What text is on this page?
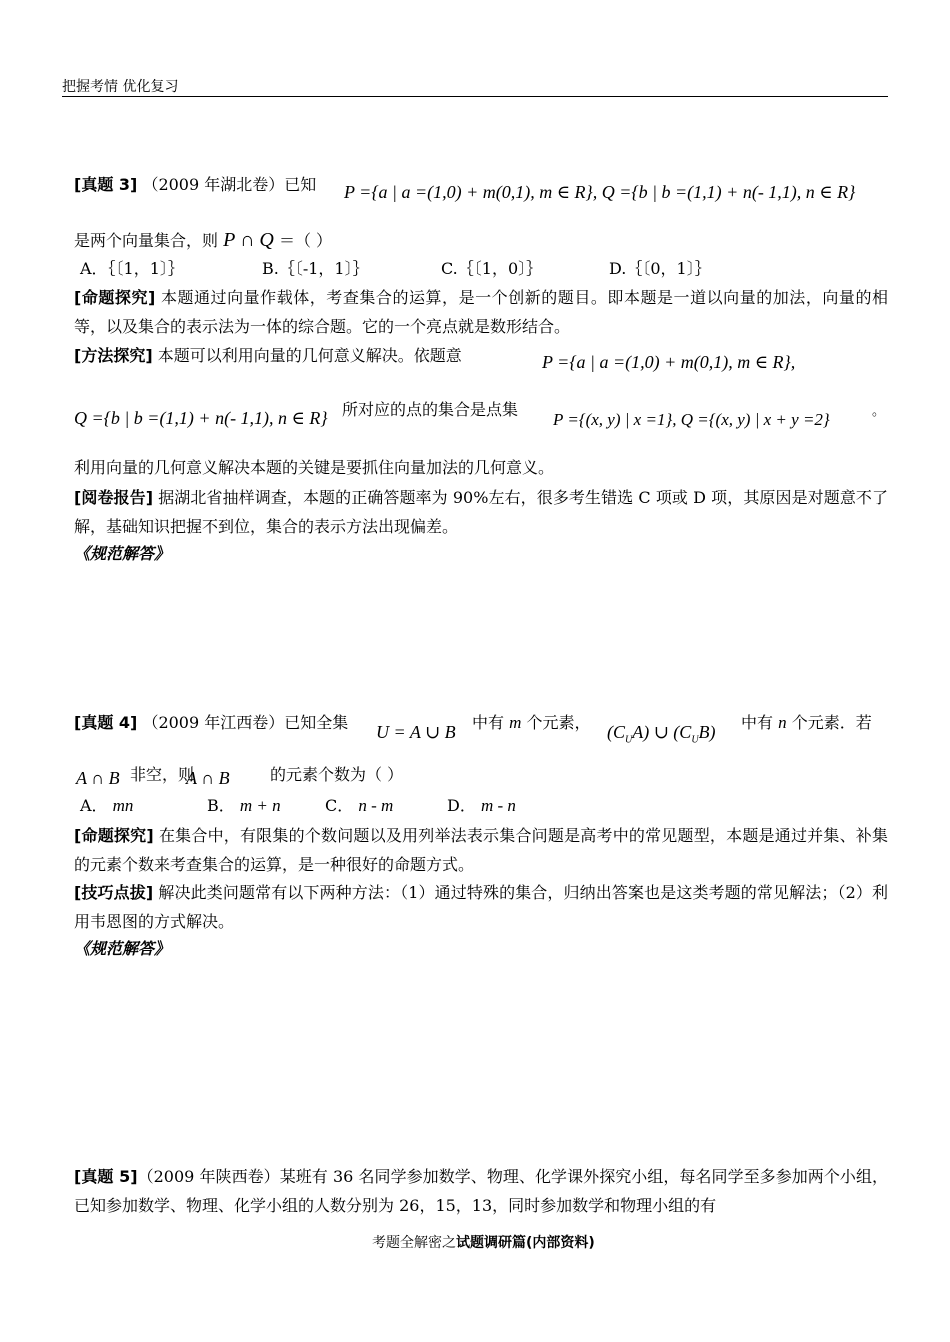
把握考情 优化复习
[真题 3] （2009 年湖北卷）已知 P ={a | a =(1,0) + m(0,1), m ∈ R}, Q ={b | b =(1,1) + n(- 1,1), n ∈ R}
是两个向量集合，则 P ∩ Q ＝（ ）
A．｛〔1，1〕｝	B.｛〔-1，1〕｝	C.｛〔1，0〕｝	D.｛〔0，1〕｝
[命题探究] 本题通过向量作载体，考查集合的运算，是一个创新的题目。即本题是一道以向量的加法，向量的相等，以及集合的表示法为一体的综合题。它的一个亮点就是数形结合。
[方法探究] 本题可以利用向量的几何意义解决。依题意	P ={a | a =(1,0) + m(0,1), m ∈ R},
Q ={b | b =(1,1) + n(- 1,1), n ∈ R} 所对应的点的集合是点集
P ={(x, y) | x =1}, Q ={(x, y) | x + y =2}	。
利用向量的几何意义解决本题的关键是要抓住向量加法的几何意义。
[阅卷报告] 据湖北省抽样调查，本题的正确答题率为 90%左右，很多考生错选 C 项或 D 项，其原因是对题意不了解，基础知识把握不到位，集合的表示方法出现偏差。
《规范解答》
[真题 4] （2009 年江西卷）已知全集 U = A ∪ B 中有 m 个元素， $(C_UA)$ ∪ $(C_UB)$ 中有 n 个元素．若
A ∩ B 非空，则
A ∩ B	的元素个数为（ ）
A． mn	B． m + n	C． n - m	D． m - n
[命题探究] 在集合中，有限集的个数问题以及用列举法表示集合问题是高考中的常见题型，本题是通过并集、补集的元素个数来考查集合的运算，是一种很好的命题方式。
[技巧点拔] 解决此类问题常有以下两种方法：（1）通过特殊的集合，归纳出答案也是这类考题的常见解法；（2）利用韦恩图的方式解决。
《规范解答》
[真题 5]（2009 年陕西卷）某班有 36 名同学参加数学、物理、化学课外探究小组，每名同学至多参加两个小组，已知参加数学、物理、化学小组的人数分别为 26，15，13，同时参加数学和物理小组的有
考题全解密之试题调研篇(内部资料)
